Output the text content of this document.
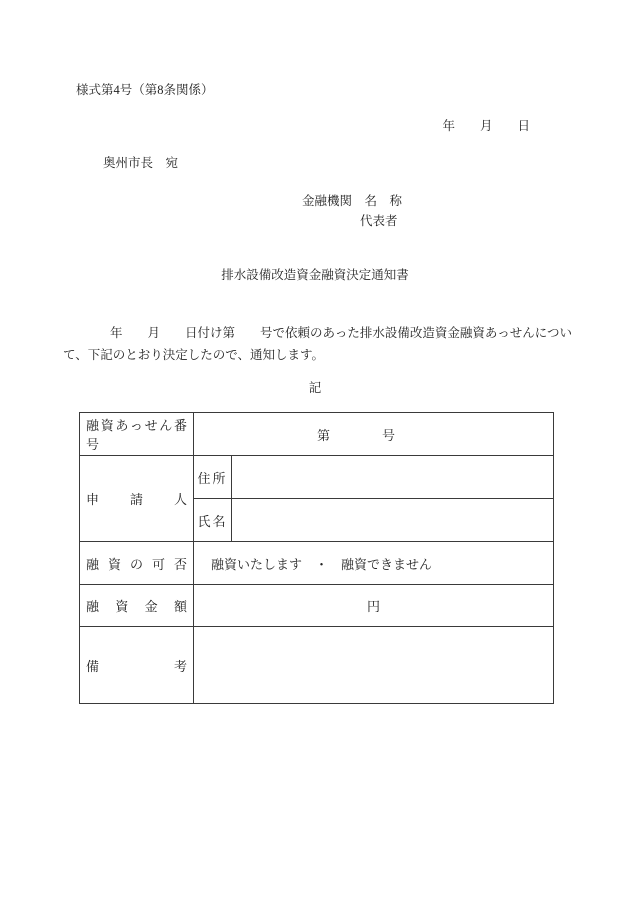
様式第4号（第8条関係）
年　　月　　日
奥州市長　宛
金融機関　名　称
代表者
排水設備改造資金融資決定通知書
年　　月　　日付け第　　号で依頼のあった排水設備改造資金融資あっせんについ
て、下記のとおり決定したので、通知します。
記
融資あっせん番号	第　　　　号	
申 請 人	住所	
	氏名	
融 資 の 可 否	融資いたします　・　融資できません	
融 資 金 額	円	
備 考		
